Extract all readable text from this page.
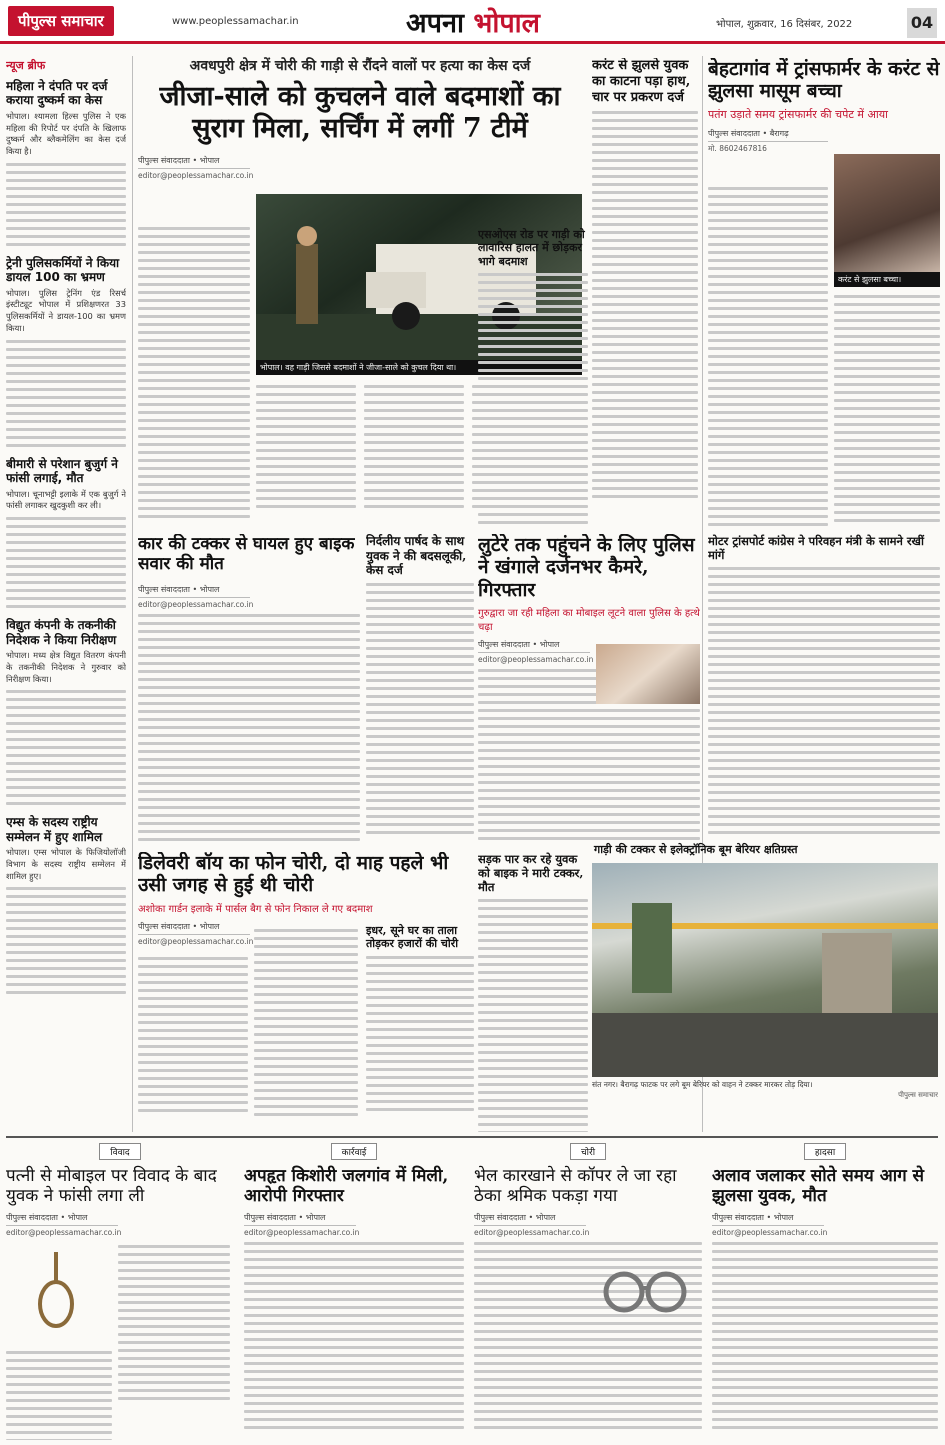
पीपुल्स समाचार	www.peoplessamachar.in	अपना भोपाल	भोपाल, शुक्रवार, 16 दिसंबर, 2022	04
न्यूज ब्रीफ
महिला ने दंपति पर दर्ज कराया दुष्कर्म का केस
भोपाल। श्यामला हिल्स पुलिस ने एक महिला की रिपोर्ट पर दंपति के खिलाफ दुष्कर्म और ब्लैकमेलिंग का केस दर्ज किया है।
ट्रेनी पुलिसकर्मियों ने किया डायल 100 का भ्रमण
भोपाल। पुलिस ट्रेनिंग एंड रिसर्च इंस्टीट्यूट भोपाल में प्रशिक्षणरत 33 पुलिसकर्मियों ने डायल-100 का भ्रमण किया।
बीमारी से परेशान बुजुर्ग ने फांसी लगाई, मौत
भोपाल। चूनाभट्टी इलाके में एक बुजुर्ग ने फांसी लगाकर खुदकुशी कर ली।
विद्युत कंपनी के तकनीकी निदेशक ने किया निरीक्षण
भोपाल। मध्य क्षेत्र विद्युत वितरण कंपनी के तकनीकी निदेशक ने गुरुवार को निरीक्षण किया।
एम्स के सदस्य राष्ट्रीय सम्मेलन में हुए शामिल
भोपाल। एम्स भोपाल के फिजियोलॉजी विभाग के सदस्य राष्ट्रीय सम्मेलन में शामिल हुए।
अवधपुरी क्षेत्र में चोरी की गाड़ी से रौंदने वालों पर हत्या का केस दर्ज
जीजा-साले को कुचलने वाले बदमाशों का सुराग मिला, सर्चिंग में लगीं 7 टीमें
पीपुल्स संवाददाता • भोपाल
editor@peoplessamachar.co.in
भोपाल। वह गाड़ी जिससे बदमाशों ने जीजा-साले को कुचल दिया था।
करंट से झुलसे युवक का काटना पड़ा हाथ, चार पर प्रकरण दर्ज
एसओएस रोड पर गाड़ी को लावारिस हालत में छोड़कर भागे बदमाश
बेहटागांव में ट्रांसफार्मर के करंट से झुलसा मासूम बच्चा
पतंग उड़ाते समय ट्रांसफार्मर की चपेट में आया
पीपुल्स संवाददाता • बैरागढ़
मो. 8602467816
करंट से झुलसा बच्चा।
मोटर ट्रांसपोर्ट कांग्रेस ने परिवहन मंत्री के सामने रखीं मांगें
कार की टक्कर से घायल हुए बाइक सवार की मौत
पीपुल्स संवाददाता • भोपाल
editor@peoplessamachar.co.in
निर्दलीय पार्षद के साथ युवक ने की बदसलूकी, केस दर्ज
लुटेरे तक पहुंचने के लिए पुलिस ने खंगाले दर्जनभर कैमरे, गिरफ्तार
गुरुद्वारा जा रही महिला का मोबाइल लूटने वाला पुलिस के हत्थे चढ़ा
पीपुल्स संवाददाता • भोपाल
editor@peoplessamachar.co.in
डिलेवरी बॉय का फोन चोरी, दो माह पहले भी उसी जगह से हुई थी चोरी
अशोका गार्डन इलाके में पार्सल बैग से फोन निकाल ले गए बदमाश
पीपुल्स संवाददाता • भोपाल
editor@peoplessamachar.co.in
इधर, सूने घर का ताला तोड़कर हजारों की चोरी
सड़क पार कर रहे युवक को बाइक ने मारी टक्कर, मौत
गाड़ी की टक्कर से इलेक्ट्रॉनिक बूम बेरियर क्षतिग्रस्त
संत नगर। बैरागढ़ फाटक पर लगे बूम बेरियर को वाहन ने टक्कर मारकर तोड़ दिया।
पीपुल्स समाचार
विवाद
पत्नी से मोबाइल पर विवाद के बाद युवक ने फांसी लगा ली
पीपुल्स संवाददाता • भोपाल
editor@peoplessamachar.co.in
कार्रवाई
अपहृत किशोरी जलगांव में मिली, आरोपी गिरफ्तार
पीपुल्स संवाददाता • भोपाल
editor@peoplessamachar.co.in
चोरी
भेल कारखाने से कॉपर ले जा रहा ठेका श्रमिक पकड़ा गया
पीपुल्स संवाददाता • भोपाल
editor@peoplessamachar.co.in
हादसा
अलाव जलाकर सोते समय आग से झुलसा युवक, मौत
पीपुल्स संवाददाता • भोपाल
editor@peoplessamachar.co.in
